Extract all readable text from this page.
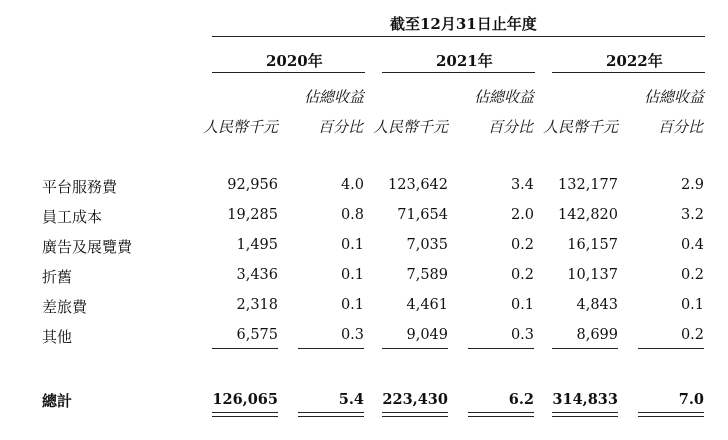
截至12月31日止年度
2020年	2021年	2022年
佔總收益	佔總收益	佔總收益
人民幣千元	百分比 人民幣千元	百分比 人民幣千元	百分比
平台服務費	92,956	4.0 123,642	3.4 132,177	2.9
員工成本	19,285	0.8 71,654	2.0 142,820	3.2
廣告及展覽費	1,495	0.1	7,035	0.2 16,157	0.4
折舊	3,436	0.1	7,589	0.2 10,137	0.2
差旅費	2,318	0.1	4,461	0.1	4,843	0.1
其他	6,575	0.3	9,049	0.3	8,699	0.2
總計	126,065	5.4 223,430	6.2 314,833	7.0
